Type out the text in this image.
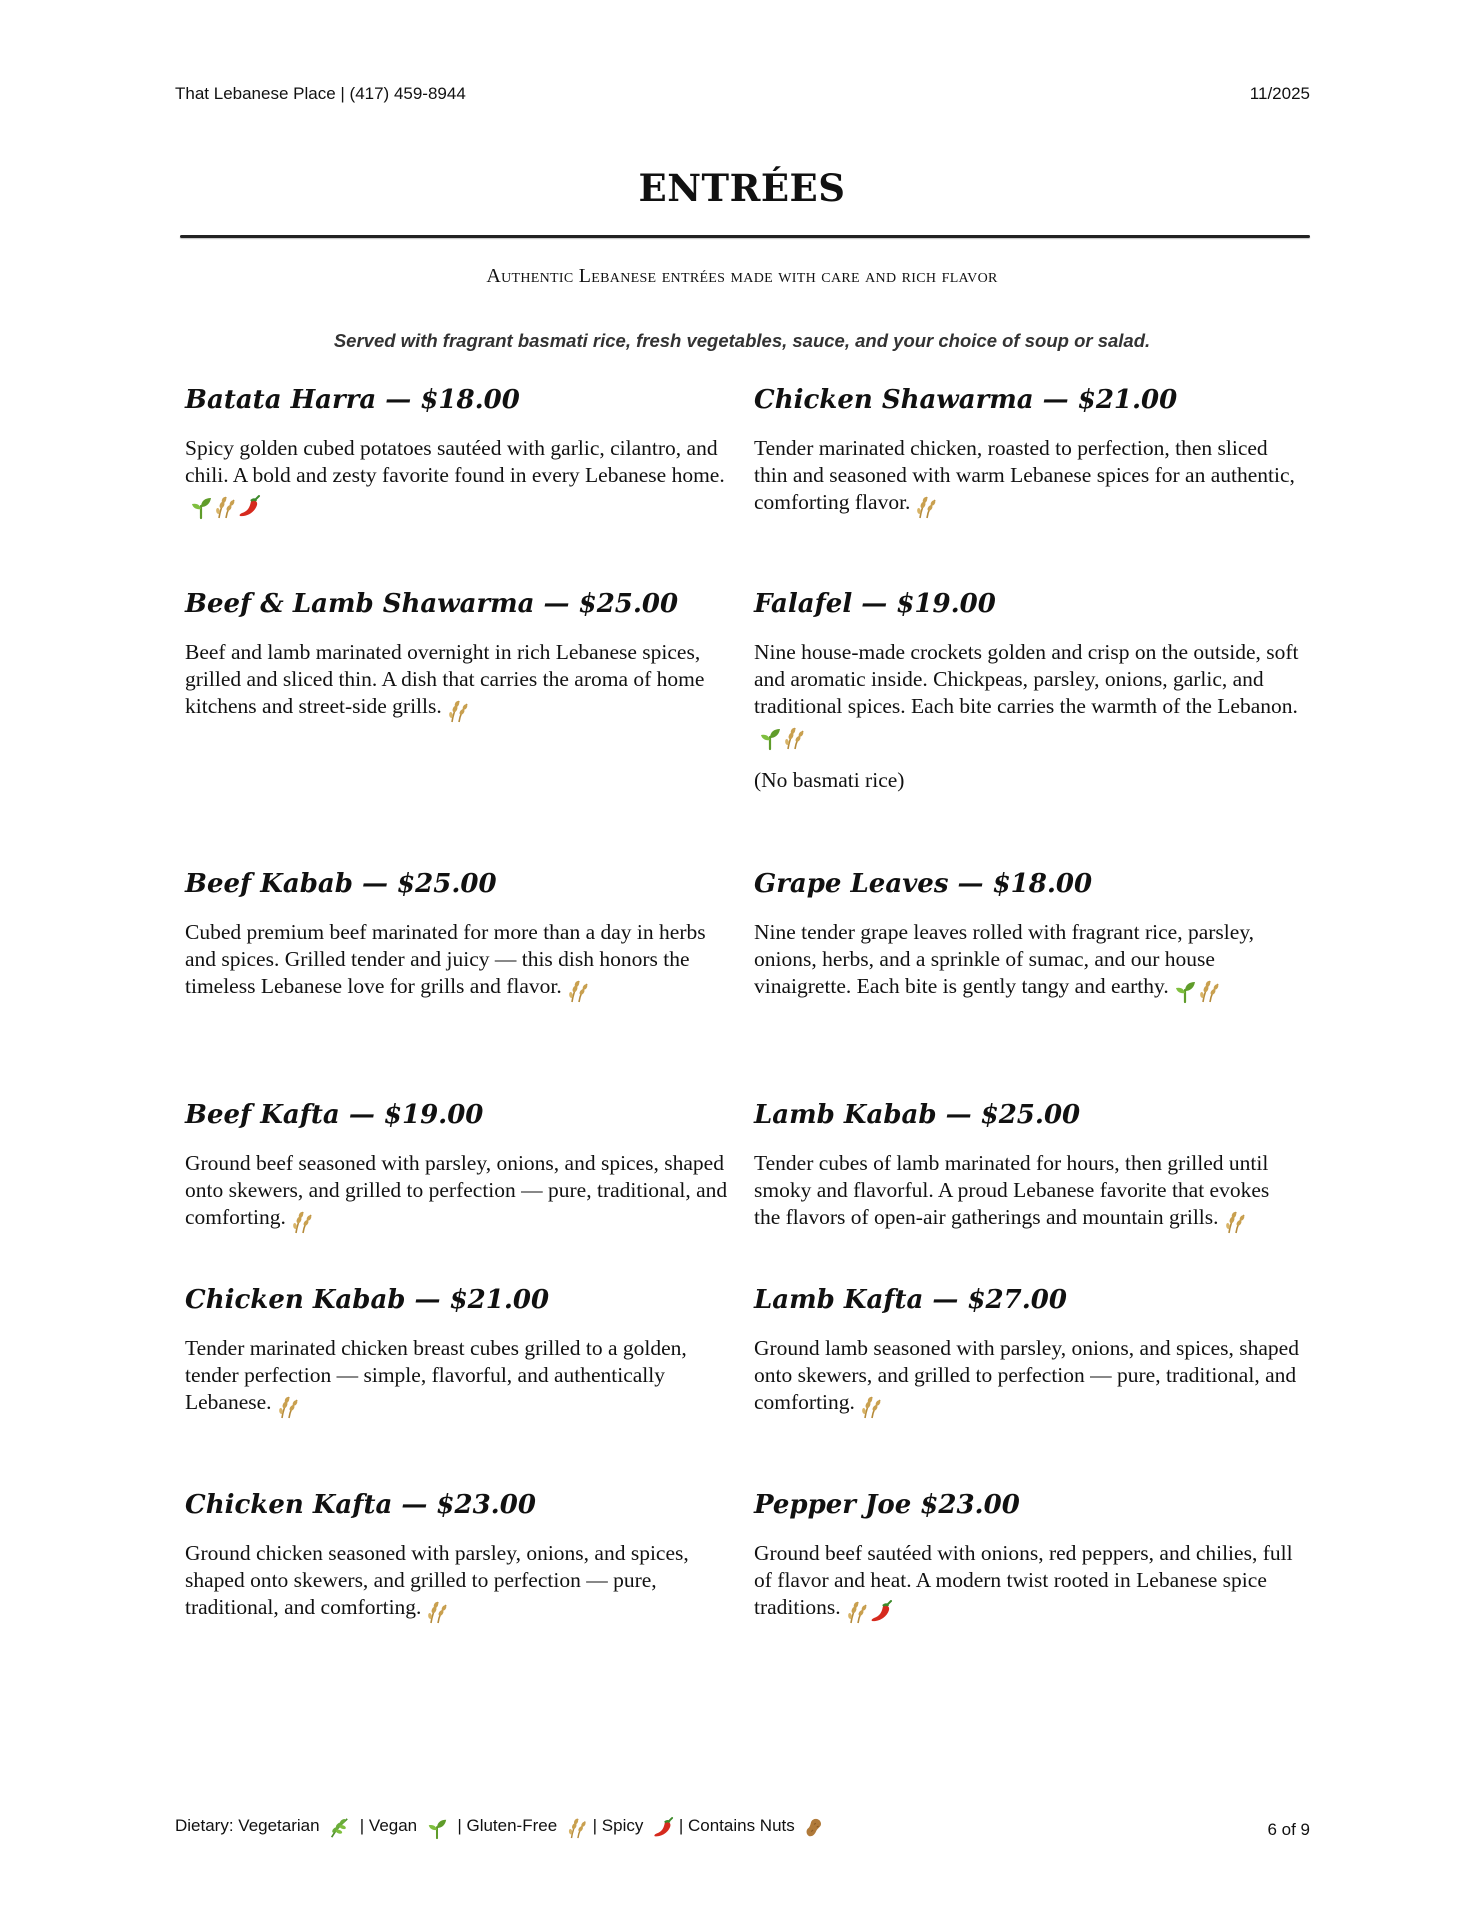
That Lebanese Place | (417) 459-8944	11/2025
ENTRÉES
Authentic Lebanese entrées made with care and rich flavor
Served with fragrant basmati rice, fresh vegetables, sauce, and your choice of soup or salad.
Batata Harra — $18.00
Spicy golden cubed potatoes sautéed with garlic, cilantro, and chili. A bold and zesty favorite found in every Lebanese home.
Beef & Lamb Shawarma — $25.00
Beef and lamb marinated overnight in rich Lebanese spices, grilled and sliced thin. A dish that carries the aroma of home kitchens and street-side grills.
Beef Kabab — $25.00
Cubed premium beef marinated for more than a day in herbs and spices. Grilled tender and juicy — this dish honors the timeless Lebanese love for grills and flavor.
Beef Kafta — $19.00
Ground beef seasoned with parsley, onions, and spices, shaped onto skewers, and grilled to perfection — pure, traditional, and comforting.
Chicken Kabab — $21.00
Tender marinated chicken breast cubes grilled to a golden, tender perfection — simple, flavorful, and authentically Lebanese.
Chicken Kafta — $23.00
Ground chicken seasoned with parsley, onions, and spices, shaped onto skewers, and grilled to perfection — pure, traditional, and comforting.
Chicken Shawarma — $21.00
Tender marinated chicken, roasted to perfection, then sliced thin and seasoned with warm Lebanese spices for an authentic, comforting flavor.
Falafel — $19.00
Nine house-made crockets golden and crisp on the outside, soft and aromatic inside. Chickpeas, parsley, onions, garlic, and traditional spices. Each bite carries the warmth of the Lebanon.
(No basmati rice)
Grape Leaves — $18.00
Nine tender grape leaves rolled with fragrant rice, parsley, onions, herbs, and a sprinkle of sumac, and our house vinaigrette. Each bite is gently tangy and earthy.
Lamb Kabab — $25.00
Tender cubes of lamb marinated for hours, then grilled until smoky and flavorful. A proud Lebanese favorite that evokes the flavors of open-air gatherings and mountain grills.
Lamb Kafta — $27.00
Ground lamb seasoned with parsley, onions, and spices, shaped onto skewers, and grilled to perfection — pure, traditional, and comforting.
Pepper Joe $23.00
Ground beef sautéed with onions, red peppers, and chilies, full of flavor and heat. A modern twist rooted in Lebanese spice traditions.
Dietary: Vegetarian | Vegan | Gluten-Free | Spicy | Contains Nuts	6 of 9
